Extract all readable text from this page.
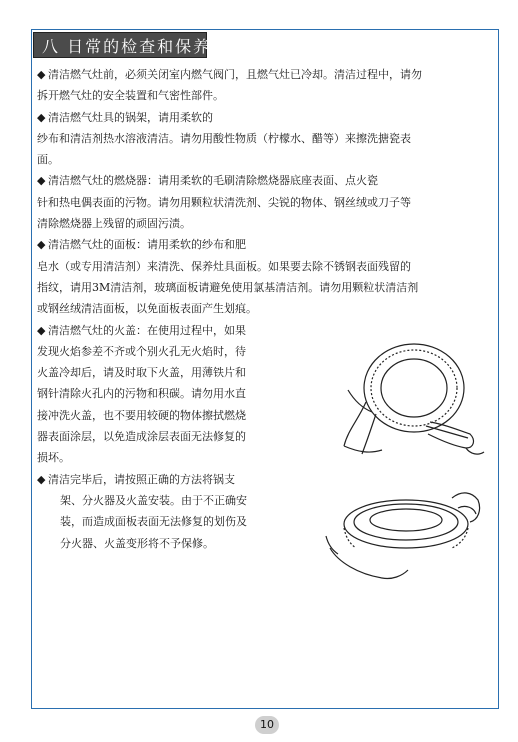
八 日常的检查和保养
◆ 清洁燃气灶前，必须关闭室内燃气阀门，且燃气灶已冷却。清洁过程中，请勿
拆开燃气灶的安全装置和气密性部件。
◆ 清洁燃气灶具的锅架，请用柔软的
纱布和清洁剂热水溶液清洁。请勿用酸性物质（柠檬水、醋等）来擦洗搪瓷表
面。
◆ 清洁燃气灶的燃烧器：请用柔软的毛刷清除燃烧器底座表面、点火瓷
针和热电偶表面的污物。请勿用颗粒状清洗剂、尖锐的物体、钢丝绒或刀子等
清除燃烧器上残留的顽固污渍。
◆ 清洁燃气灶的面板：请用柔软的纱布和肥
皂水（或专用清洁剂）来清洗、保养灶具面板。如果要去除不锈钢表面残留的
指纹，请用3M清洁剂，玻璃面板请避免使用氯基清洁剂。请勿用颗粒状清洁剂
或钢丝绒清洁面板，以免面板表面产生划痕。
◆ 清洁燃气灶的火盖：在使用过程中，如果
发现火焰参差不齐或个别火孔无火焰时，待
火盖冷却后，请及时取下火盖，用薄铁片和
钢针清除火孔内的污物和积碳。请勿用水直
接冲洗火盖，也不要用较硬的物体擦拭燃烧
器表面涂层，以免造成涂层表面无法修复的
损坏。
◆ 清洁完毕后，请按照正确的方法将锅支
架、分火器及火盖安装。由于不正确安
装，而造成面板表面无法修复的划伤及
分火器、火盖变形将不予保修。
10
